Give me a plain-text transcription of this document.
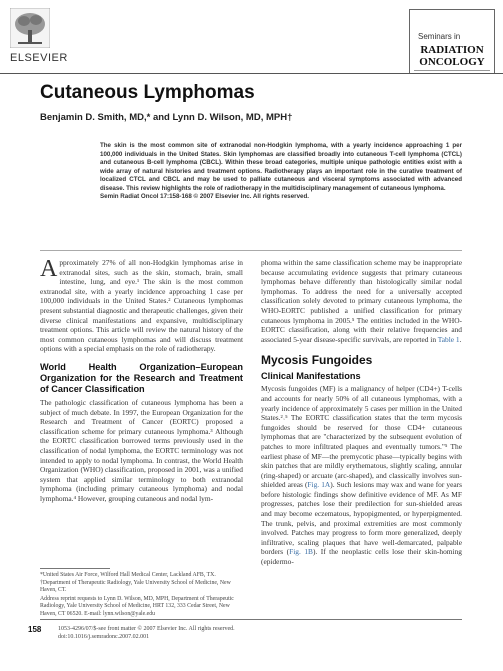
ELSEVIER
Seminars in
RADIATION
ONCOLOGY
Cutaneous Lymphomas
Benjamin D. Smith, MD,* and Lynn D. Wilson, MD, MPH†
The skin is the most common site of extranodal non-Hodgkin lymphoma, with a yearly incidence approaching 1 per 100,000 individuals in the United States. Skin lymphomas are classified broadly into cutaneous T-cell lymphoma (CTCL) and cutaneous B-cell lymphoma (CBCL). Within these broad categories, multiple unique pathologic entities exist with a wide array of natural histories and treatment options. Radiotherapy plays an important role in the curative treatment of localized CTCL and CBCL and may be used to palliate cutaneous and visceral symptoms associated with advanced disease. This review highlights the role of radiotherapy in the multidisciplinary management of cutaneous lymphoma.
Semin Radiat Oncol 17:158-168 © 2007 Elsevier Inc. All rights reserved.

Approximately 27% of all non-Hodgkin lymphomas arise in extranodal sites, such as the skin, stomach, brain, small intestine, lung, and eye.¹ The skin is the most common extranodal site, with a yearly incidence approaching 1 case per 100,000 individuals in the United States.² Cutaneous lymphomas present substantial diagnostic and therapeutic challenges, given their diverse clinical manifestations and expansive, multidisciplinary treatment options. This article will review the natural history of the most common cutaneous lymphomas and will discuss treatment options with a special emphasis on the role of radiotherapy.

World Health Organization–European Organization for the Research and Treatment of Cancer Classification

The pathologic classification of cutaneous lymphoma has been a subject of much debate. In 1997, the European Organization for the Research and Treatment of Cancer (EORTC) proposed a classification scheme for primary cutaneous lymphoma.³ Although the EORTC classification borrowed terms previously used in the classification of nodal lymphoma, the EORTC terminology was not intended to apply to nodal lymphoma. In contrast, the World Health Organization (WHO) classification, proposed in 2001, was a unified system that applied similar terminology to both extranodal lymphoma (including primary cutaneous lymphoma) and nodal lymphoma.⁴ However, grouping cutaneous and nodal lym-

phoma within the same classification scheme may be inappropriate because accumulating evidence suggests that primary cutaneous lymphomas behave differently than histologically similar nodal lymphomas. To address the need for a universally accepted classification solely devoted to primary cutaneous lymphoma, the WHO-EORTC published a unified classification for primary cutaneous lymphoma in 2005.⁵ The entities included in the WHO-EORTC classification, along with their relative frequencies and associated 5-year disease-specific survivals, are reported in Table 1.

Mycosis Fungoides
Clinical Manifestations

Mycosis fungoides (MF) is a malignancy of helper (CD4+) T-cells and accounts for nearly 50% of all cutaneous lymphomas, with a yearly incidence of approximately 5 cases per million in the United States.²˒⁵ The EORTC classification states that the term mycosis fungoides should be reserved for those CD4+ cutaneous lymphomas that are "characterized by the subsequent evolution of patches to more infiltrated plaques and eventually tumors."⁵ The earliest phase of MF—the premycotic phase—typically begins with skin patches that are mildly erythematous, slightly scaling, annular (ring-shaped) or arcuate (arc-shaped), and classically involves sun-shielded areas (Fig. 1A). Such lesions may wax and wane for years before histologic findings show definitive evidence of MF. As MF progresses, patches lose their predilection for sun-shielded areas and may become eczematous, hypopigmented, or hyperpigmented. The trunk, pelvis, and proximal extremities are most commonly involved. Patches may progress to form more generalized, deeply infiltrative, scaling plaques that have well-demarcated, palpable borders (Fig. 1B). If the neoplastic cells lose their skin-homing (epidermo-

*United States Air Force, Wilford Hall Medical Center, Lackland AFB, TX.
†Department of Therapeutic Radiology, Yale University School of Medicine, New Haven, CT.
Address reprint requests to Lynn D. Wilson, MD, MPH, Department of Therapeutic Radiology, Yale University School of Medicine, HRT 132, 333 Cedar Street, New Haven, CT 06520. E-mail: lynn.wilson@yale.edu
158	1053-4296/07/$-see front matter © 2007 Elsevier Inc. All rights reserved.
doi:10.1016/j.semradonc.2007.02.001
